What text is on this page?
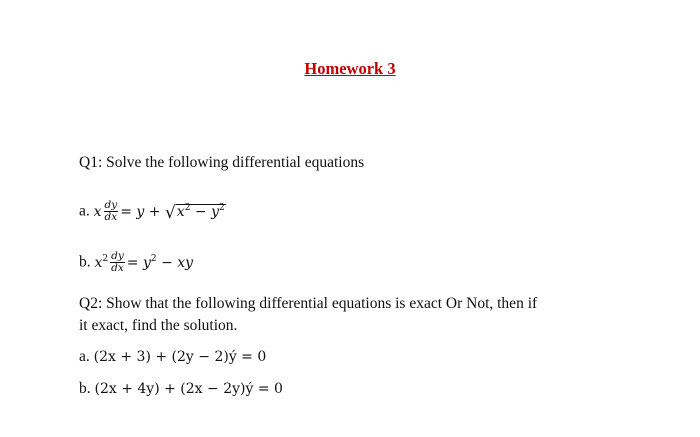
Homework 3
Q1: Solve the following differential equations
a. x $\frac{dy}{dx} = y + √x^2 - y^2$
b. $x^2 \frac{dy}{dx} = y^2$ − xy
Q2: Show that the following differential equations is exact Or Not, then if
it exact, find the solution.
a. (2x + 3) + (2y − 2)ý = 0
b. (2x + 4y) + (2x − 2y)ý = 0
